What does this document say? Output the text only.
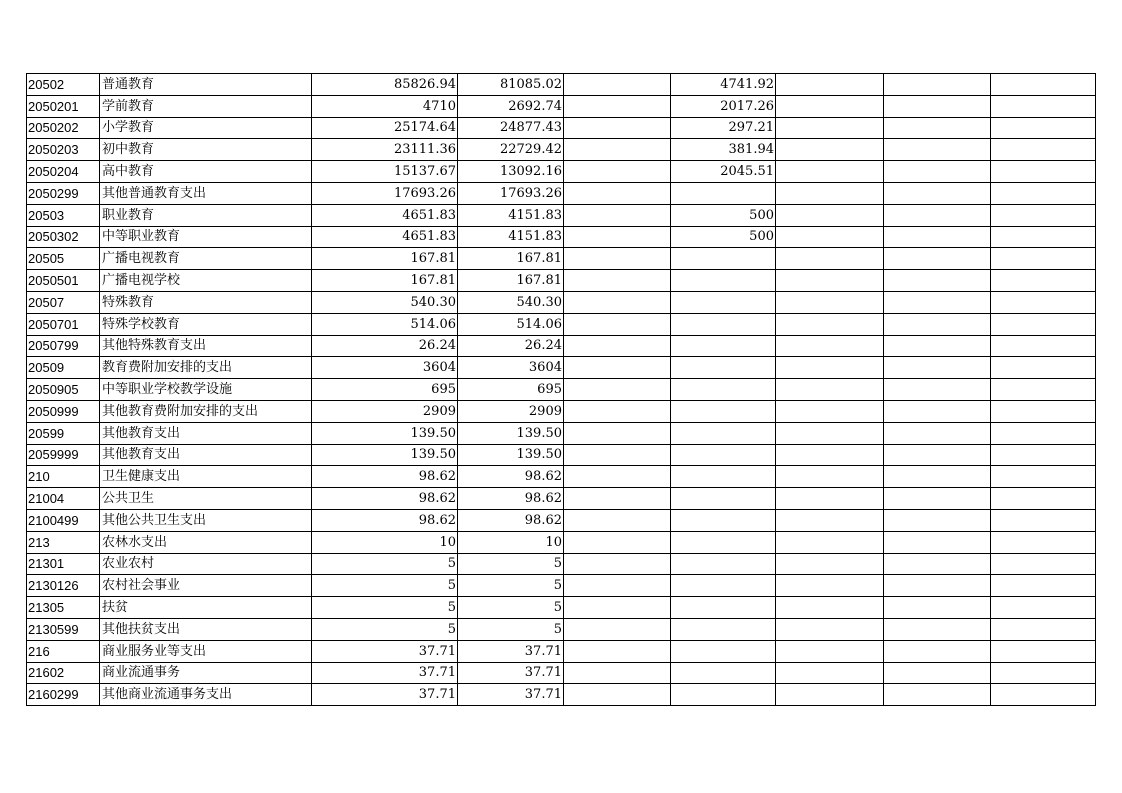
20502	普通教育	85826.94	81085.02		4741.92			
2050201	学前教育	4710	2692.74		2017.26			
2050202	小学教育	25174.64	24877.43		297.21			
2050203	初中教育	23111.36	22729.42		381.94			
2050204	高中教育	15137.67	13092.16		2045.51			
2050299	其他普通教育支出	17693.26	17693.26					
20503	职业教育	4651.83	4151.83		500			
2050302	中等职业教育	4651.83	4151.83		500			
20505	广播电视教育	167.81	167.81					
2050501	广播电视学校	167.81	167.81					
20507	特殊教育	540.30	540.30					
2050701	特殊学校教育	514.06	514.06					
2050799	其他特殊教育支出	26.24	26.24					
20509	教育费附加安排的支出	3604	3604					
2050905	中等职业学校教学设施	695	695					
2050999	其他教育费附加安排的支出	2909	2909					
20599	其他教育支出	139.50	139.50					
2059999	其他教育支出	139.50	139.50					
210	卫生健康支出	98.62	98.62					
21004	公共卫生	98.62	98.62					
2100499	其他公共卫生支出	98.62	98.62					
213	农林水支出	10	10					
21301	农业农村	5	5					
2130126	农村社会事业	5	5					
21305	扶贫	5	5					
2130599	其他扶贫支出	5	5					
216	商业服务业等支出	37.71	37.71					
21602	商业流通事务	37.71	37.71					
2160299	其他商业流通事务支出	37.71	37.71					
